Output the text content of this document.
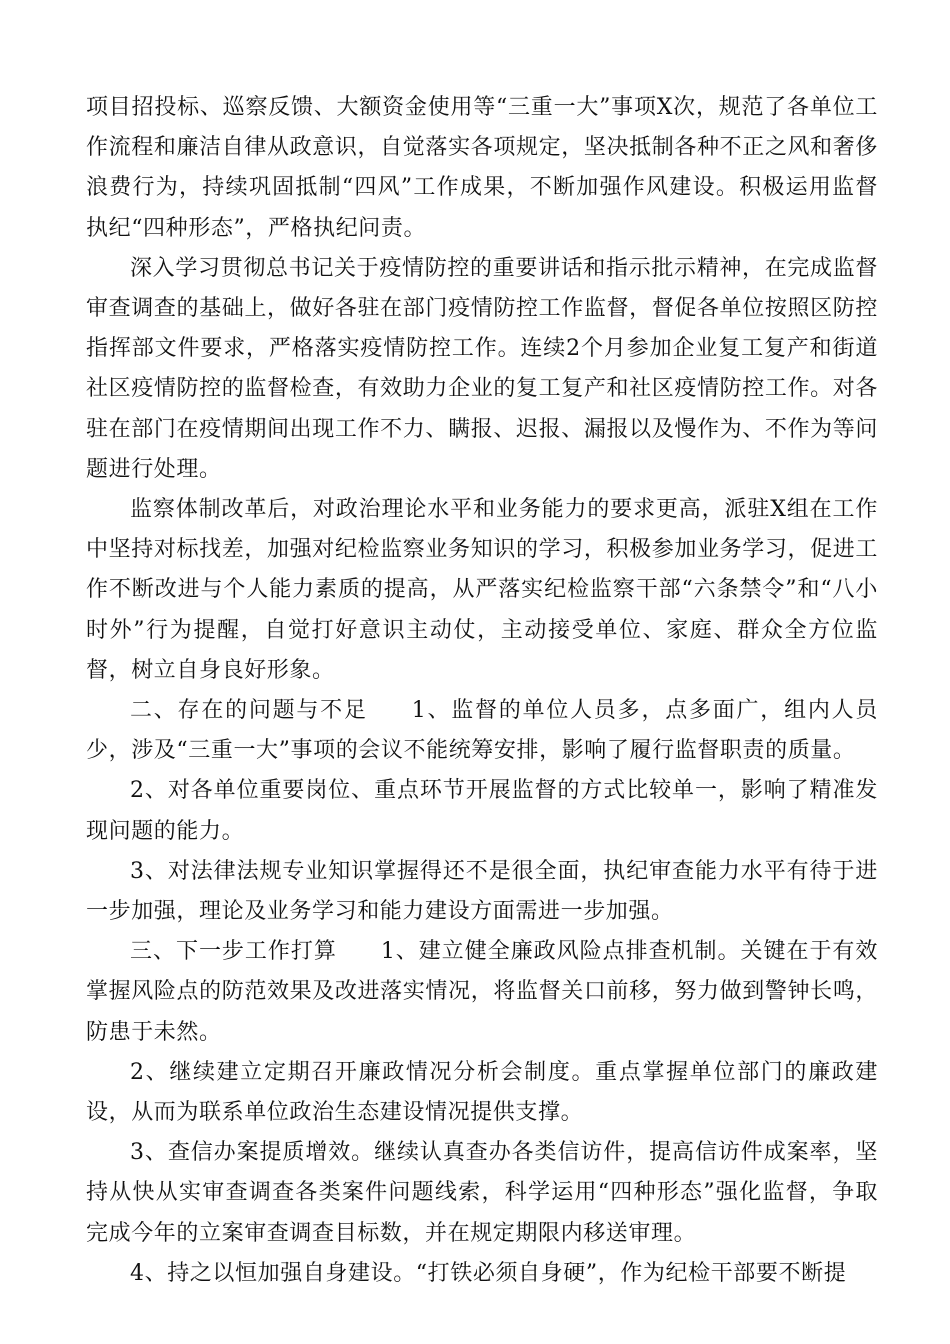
项目招投标、巡察反馈、大额资金使用等“三重一大”事项X次，规范了各单位工作流程和廉洁自律从政意识，自觉落实各项规定，坚决抵制各种不正之风和奢侈浪费行为，持续巩固抵制“四风”工作成果，不断加强作风建设。积极运用监督执纪“四种形态”，严格执纪问责。

深入学习贯彻总书记关于疫情防控的重要讲话和指示批示精神，在完成监督审查调查的基础上，做好各驻在部门疫情防控工作监督，督促各单位按照区防控指挥部文件要求，严格落实疫情防控工作。连续2个月参加企业复工复产和街道社区疫情防控的监督检查，有效助力企业的复工复产和社区疫情防控工作。对各驻在部门在疫情期间出现工作不力、瞒报、迟报、漏报以及慢作为、不作为等问题进行处理。

监察体制改革后，对政治理论水平和业务能力的要求更高，派驻X组在工作中坚持对标找差，加强对纪检监察业务知识的学习，积极参加业务学习，促进工作不断改进与个人能力素质的提高，从严落实纪检监察干部“六条禁令”和“八小时外”行为提醒，自觉打好意识主动仗，主动接受单位、家庭、群众全方位监督，树立自身良好形象。

二、存在的问题与不足 1、监督的单位人员多，点多面广，组内人员少，涉及“三重一大”事项的会议不能统筹安排，影响了履行监督职责的质量。

2、对各单位重要岗位、重点环节开展监督的方式比较单一，影响了精准发现问题的能力。

3、对法律法规专业知识掌握得还不是很全面，执纪审查能力水平有待于进一步加强，理论及业务学习和能力建设方面需进一步加强。

三、下一步工作打算 1、建立健全廉政风险点排查机制。关键在于有效掌握风险点的防范效果及改进落实情况，将监督关口前移，努力做到警钟长鸣，防患于未然。

2、继续建立定期召开廉政情况分析会制度。重点掌握单位部门的廉政建设，从而为联系单位政治生态建设情况提供支撑。

3、查信办案提质增效。继续认真查办各类信访件，提高信访件成案率，坚持从快从实审查调查各类案件问题线索，科学运用“四种形态”强化监督，争取完成今年的立案审查调查目标数，并在规定期限内移送审理。

4、持之以恒加强自身建设。“打铁必须自身硬”，作为纪检干部要不断提
